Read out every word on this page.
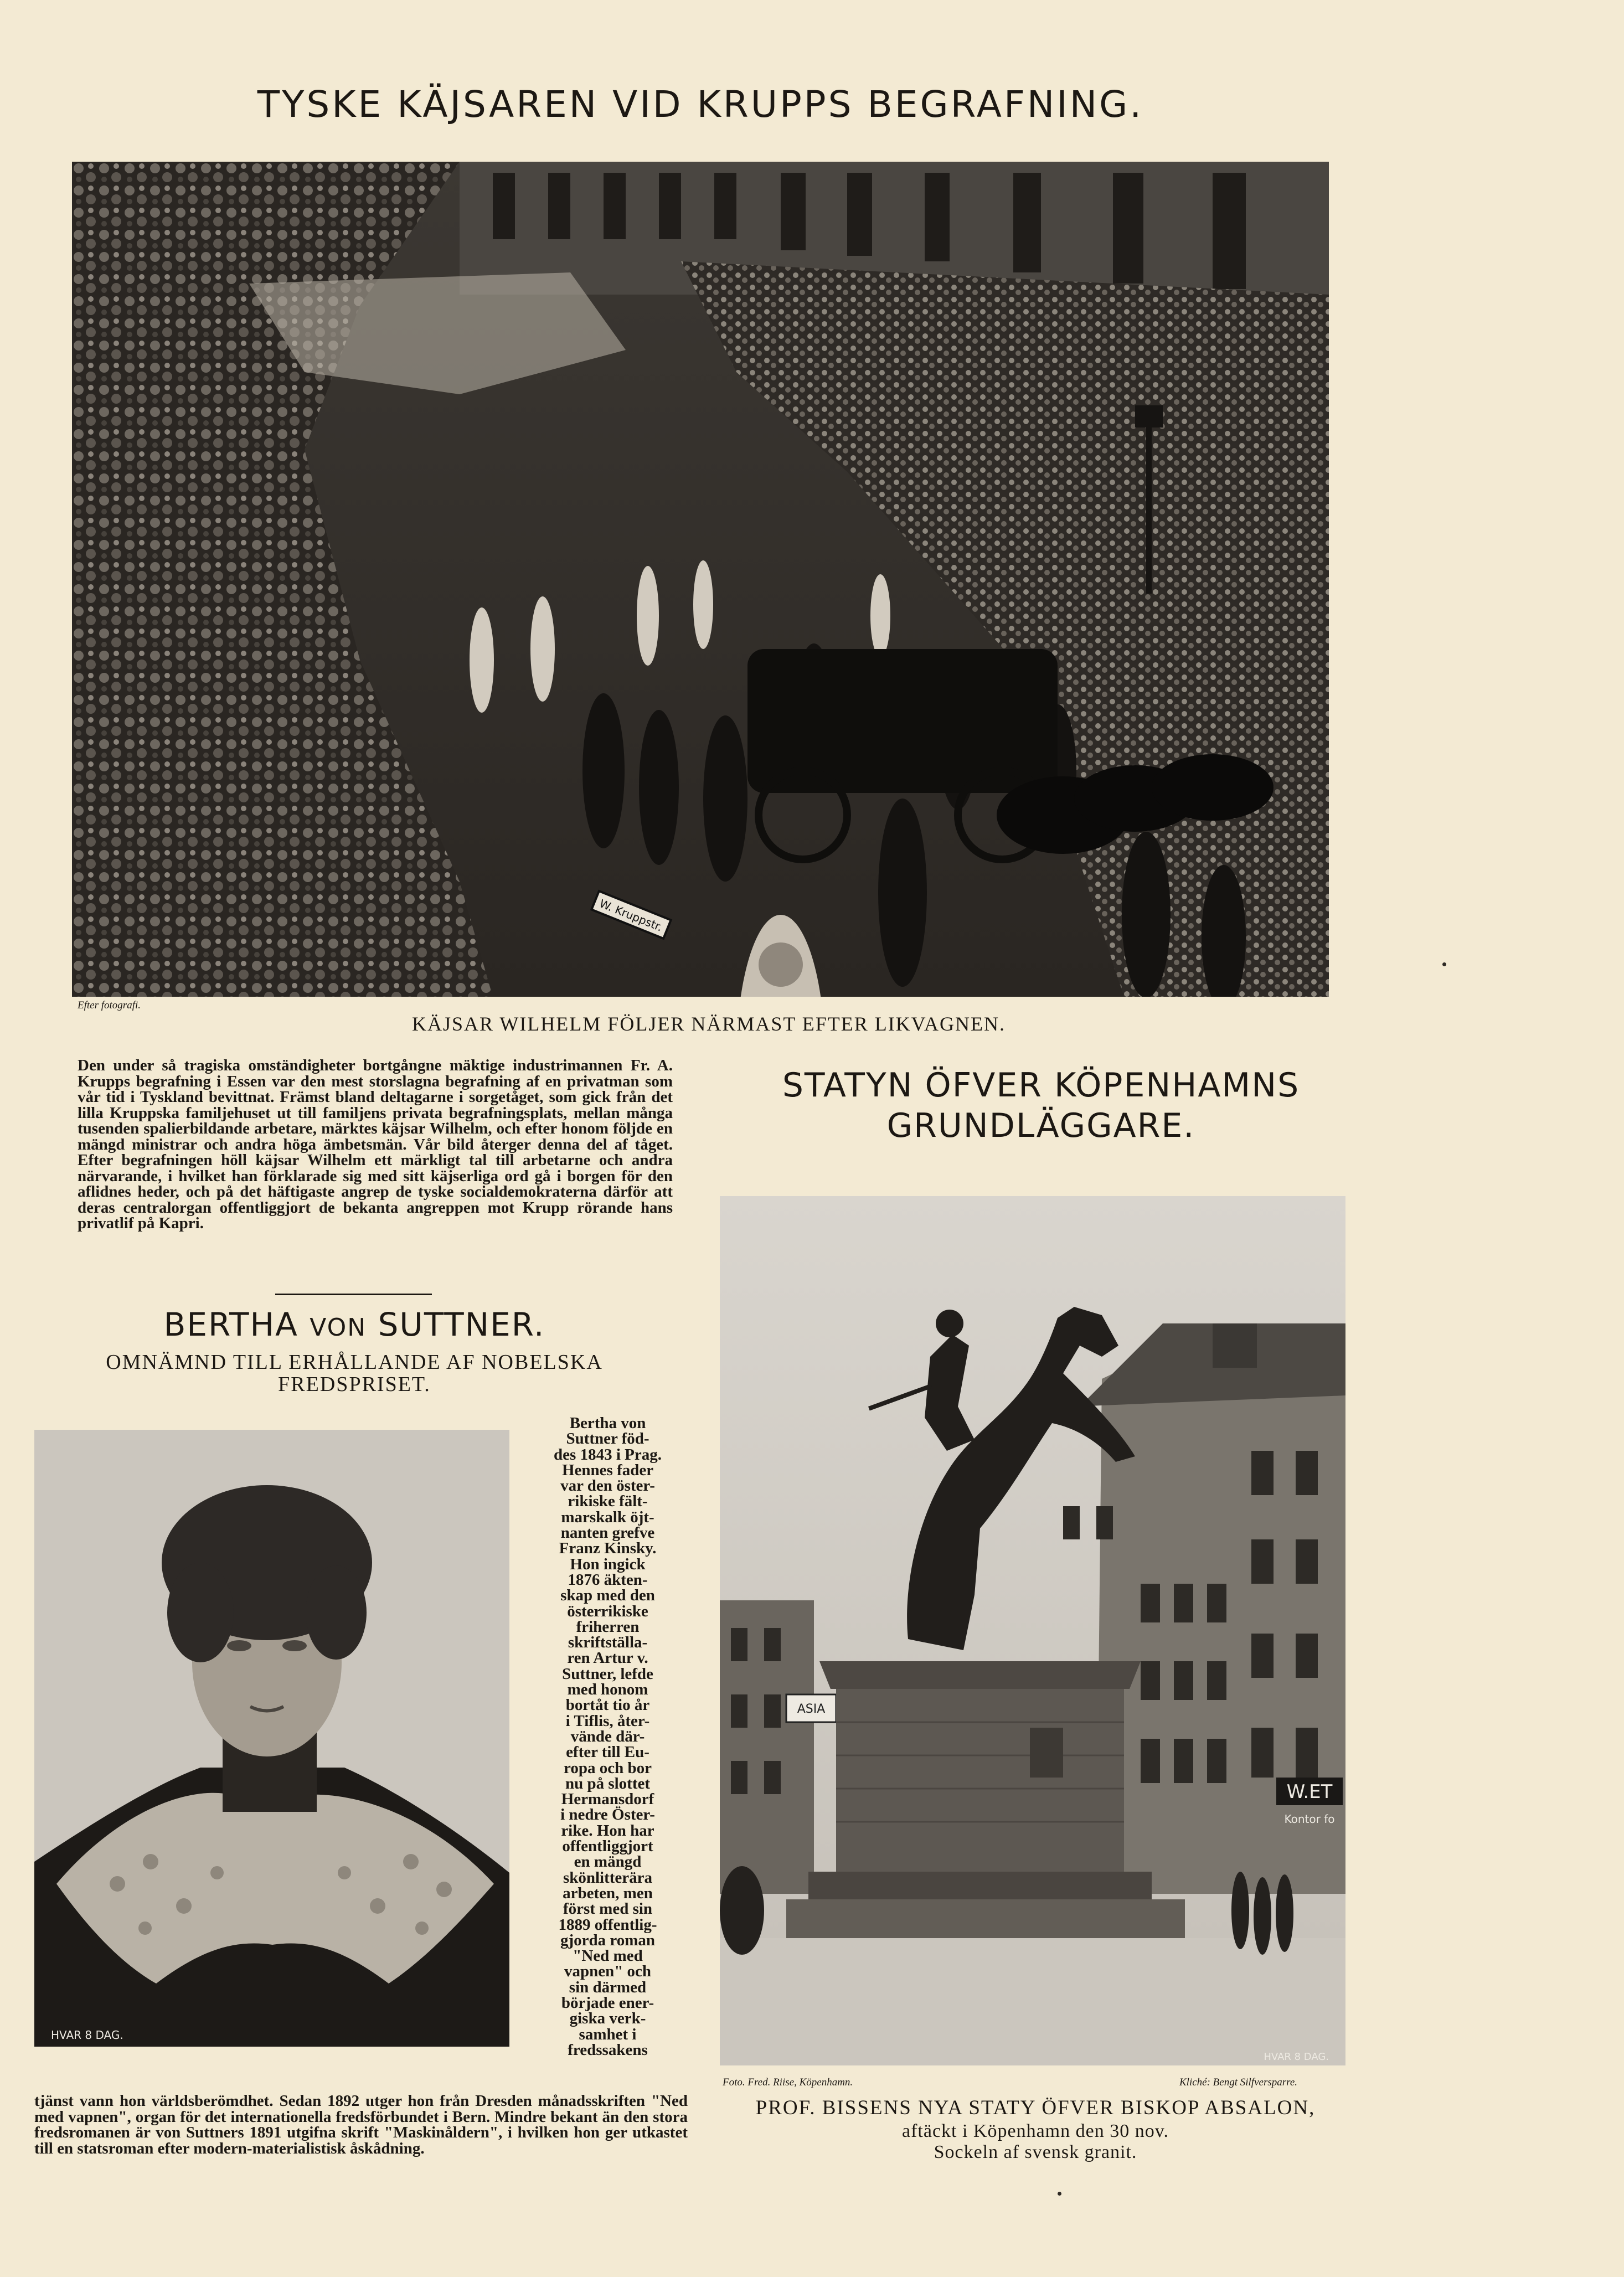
TYSKE KÄJSAREN VID KRUPPS BEGRAFNING.
W. Kruppstr.
Efter fotografi.
KÄJSAR WILHELM FÖLJER NÄRMAST EFTER LIKVAGNEN.
Den under så tragiska omständigheter bortgångne mäktige industrimannen Fr. A. Krupps begrafning i Essen var den mest storslagna begrafning af en privatman som vår tid i Tyskland bevittnat. Främst bland deltagarne i sorgetåget, som gick från det lilla Kruppska familjehuset ut till familjens privata begrafningsplats, mellan många tusenden spalierbildande arbetare, märktes käjsar Wilhelm, och efter honom följde en mängd ministrar och andra höga ämbetsmän. Vår bild återger denna del af tåget. Efter begrafningen höll käjsar Wilhelm ett märkligt tal till arbetarne och andra närvarande, i hvilket han förklarade sig med sitt käjserliga ord gå i borgen för den aflidnes heder, och på det häftigaste angrep de tyske socialdemokraterna därför att deras centralorgan offentliggjort de bekanta angreppen mot Krupp rörande hans privatlif på Kapri.
STATYN ÖFVER KÖPENHAMNS
GRUNDLÄGGARE.
W.ET
Kontor fo
ASIA
HVAR 8 DAG.
Foto. Fred. Riise, Köpenhamn.	Kliché: Bengt Silfversparre.
PROF. BISSENS NYA STATY ÖFVER BISKOP ABSALON,
aftäckt i Köpenhamn den 30 nov.
Sockeln af svensk granit.
BERTHA VON SUTTNER.
OMNÄMND TILL ERHÅLLANDE AF NOBELSKA
FREDSPRISET.
HVAR 8 DAG.
Bertha von
Suttner föd-
des 1843 i Prag.
Hennes fader
var den öster-
rikiske fält-
marskalk öjt-
nanten grefve
Franz Kinsky.
Hon ingick
1876 äkten-
skap med den
österrikiske
friherren
skriftställa-
ren Artur v.
Suttner, lefde
med honom
bortåt tio år
i Tiflis, åter-
vände där-
efter till Eu-
ropa och bor
nu på slottet
Hermansdorf
i nedre Öster-
rike. Hon har
offentliggjort
en mängd
skönlitterära
arbeten, men
först med sin
1889 offentlig-
gjorda roman
"Ned med
vapnen" och
sin därmed
började ener-
giska verk-
samhet i
fredssakens
tjänst vann hon världsberömdhet. Sedan 1892 utger hon från Dresden månadsskriften "Ned med vapnen", organ för det internationella fredsförbundet i Bern. Mindre bekant än den stora fredsromanen är von Suttners 1891 utgifna skrift "Maskinåldern", i hvilken hon ger utkastet till en statsroman efter modern-materialistisk åskådning.
